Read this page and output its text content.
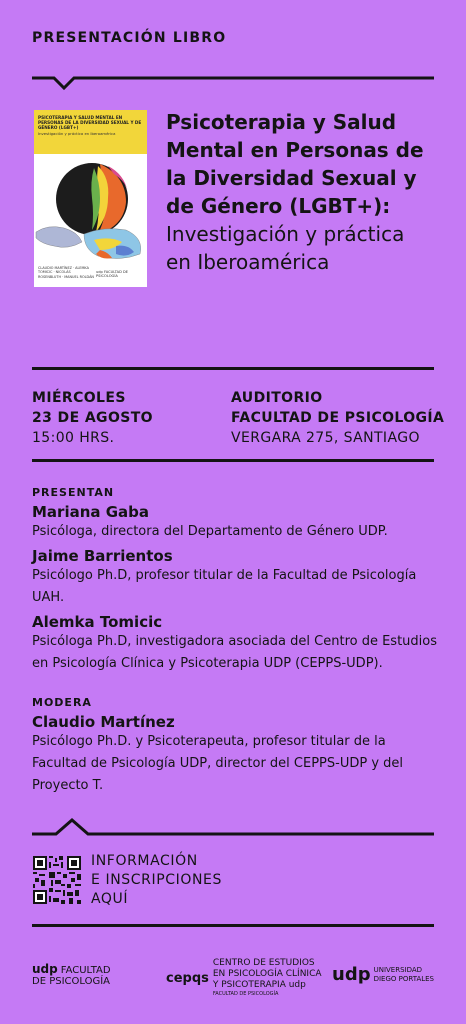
PRESENTACIÓN LIBRO
PSICOTERAPIA Y SALUD MENTAL EN PERSONAS DE LA DIVERSIDAD SEXUAL Y DE GÉNERO (LGBT+)
Investigación y práctica en Iberoamérica
CLAUDIO MARTÍNEZ · ALEMKA TOMICIC · NICOLÁS ROSENBLUTH · MANUEL ROLDÁN
udp FACULTAD DE PSICOLOGÍA
Psicoterapia y Salud Mental en Personas de la Diversidad Sexual y de Género (LGBT+):
Investigación y práctica en Iberoamérica
MIÉRCOLES
23 DE AGOSTO
15:00 HRS.
AUDITORIO
FACULTAD DE PSICOLOGÍA
VERGARA 275, SANTIAGO
PRESENTAN
Mariana Gaba
Psicóloga, directora del Departamento de Género UDP.
Jaime Barrientos
Psicólogo Ph.D, profesor titular de la Facultad de Psicología UAH.
Alemka Tomicic
Psicóloga Ph.D, investigadora asociada del Centro de Estudios en Psicología Clínica y Psicoterapia UDP (CEPPS-UDP).
MODERA
Claudio Martínez
Psicólogo Ph.D. y Psicoterapeuta, profesor titular de la Facultad de Psicología UDP, director del CEPPS-UDP y del Proyecto T.
INFORMACIÓN
E INSCRIPCIONES
AQUÍ
udp FACULTAD
DE PSICOLOGÍA	cepqs
CENTRO DE ESTUDIOS
EN PSICOLOGÍA CLÍNICA
Y PSICOTERAPIA udp
FACULTAD DE PSICOLOGÍA
udp UNIVERSIDAD
DIEGO PORTALES
